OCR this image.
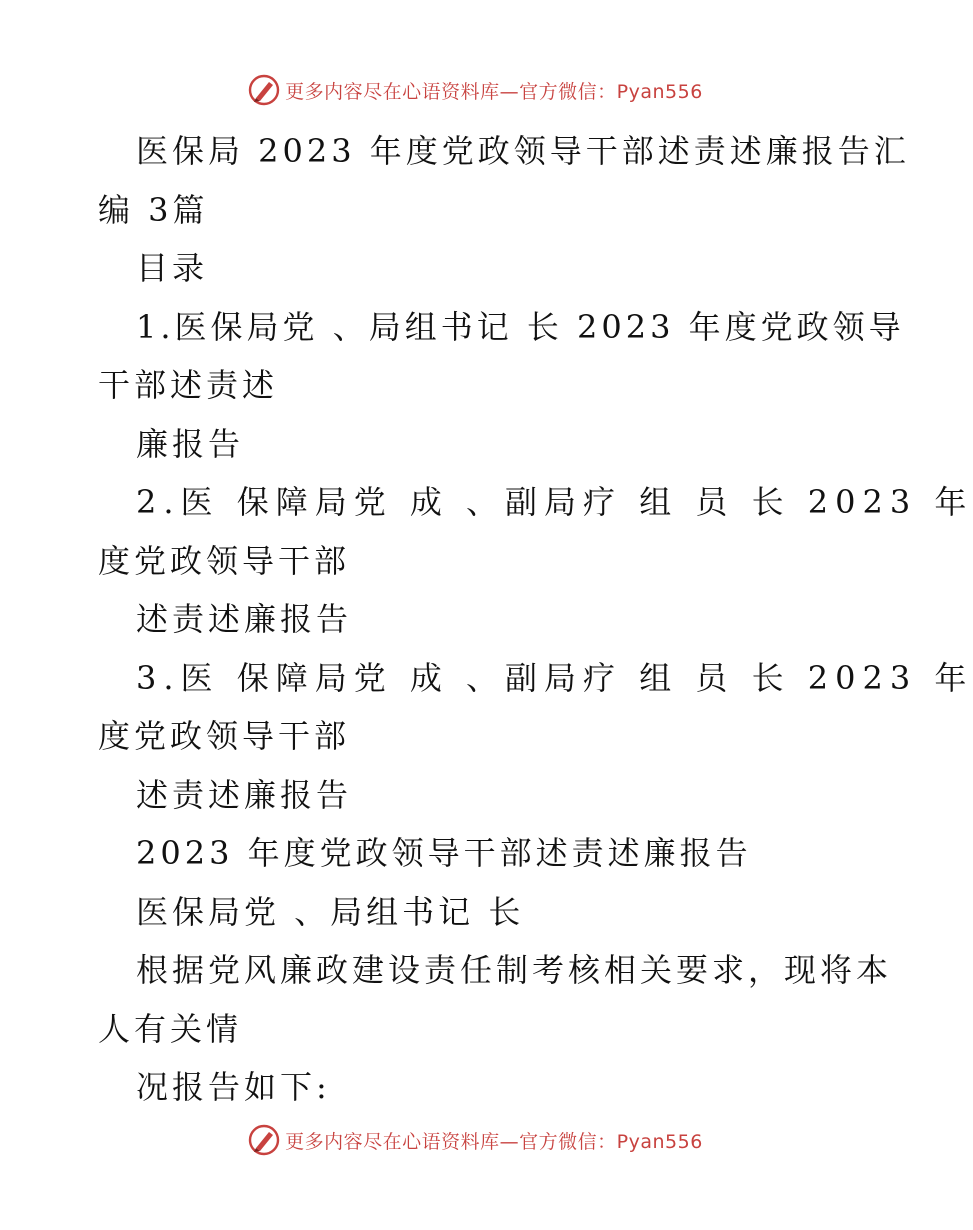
更多内容尽在心语资料库—官方微信：Pyan556
医保局 2023 年度党政领导干部述责述廉报告汇
编 3篇
目录
1.医保局党 、局组书记 长 2023 年度党政领导
干部述责述
廉报告
2.医 保障局党 成 、副局疗 组 员 长 2023 年
度党政领导干部
述责述廉报告
3.医 保障局党 成 、副局疗 组 员 长 2023 年
度党政领导干部
述责述廉报告
2023 年度党政领导干部述责述廉报告
医保局党 、局组书记 长
根据党风廉政建设责任制考核相关要求，现将本
人有关情
况报告如下:
更多内容尽在心语资料库—官方微信：Pyan556
